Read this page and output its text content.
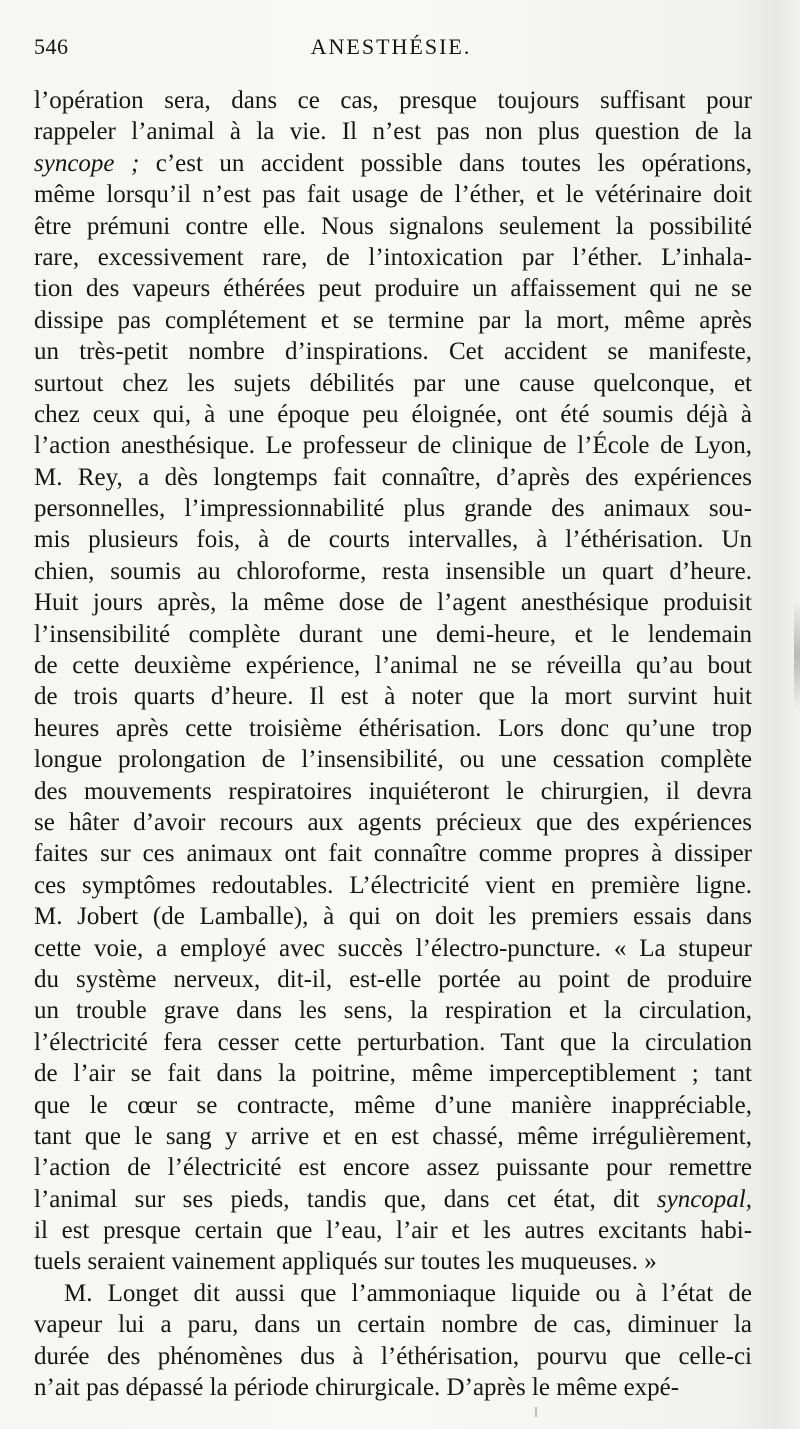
546	ANESTHÉSIE.
l’opération sera, dans ce cas, presque toujours suffisant pour
rappeler l’animal à la vie. Il n’est pas non plus question de la
syncope ; c’est un accident possible dans toutes les opérations,
même lorsqu’il n’est pas fait usage de l’éther, et le vétérinaire doit
être prémuni contre elle. Nous signalons seulement la possibilité
rare, excessivement rare, de l’intoxication par l’éther. L’inhala-
tion des vapeurs éthérées peut produire un affaissement qui ne se
dissipe pas complétement et se termine par la mort, même après
un très-petit nombre d’inspirations. Cet accident se manifeste,
surtout chez les sujets débilités par une cause quelconque, et
chez ceux qui, à une époque peu éloignée, ont été soumis déjà à
l’action anesthésique. Le professeur de clinique de l’École de Lyon,
M. Rey, a dès longtemps fait connaître, d’après des expériences
personnelles, l’impressionnabilité plus grande des animaux sou-
mis plusieurs fois, à de courts intervalles, à l’éthérisation. Un
chien, soumis au chloroforme, resta insensible un quart d’heure.
Huit jours après, la même dose de l’agent anesthésique produisit
l’insensibilité complète durant une demi-heure, et le lendemain
de cette deuxième expérience, l’animal ne se réveilla qu’au bout
de trois quarts d’heure. Il est à noter que la mort survint huit
heures après cette troisième éthérisation. Lors donc qu’une trop
longue prolongation de l’insensibilité, ou une cessation complète
des mouvements respiratoires inquiéteront le chirurgien, il devra
se hâter d’avoir recours aux agents précieux que des expériences
faites sur ces animaux ont fait connaître comme propres à dissiper
ces symptômes redoutables. L’électricité vient en première ligne.
M. Jobert (de Lamballe), à qui on doit les premiers essais dans
cette voie, a employé avec succès l’électro-puncture. « La stupeur
du système nerveux, dit-il, est-elle portée au point de produire
un trouble grave dans les sens, la respiration et la circulation,
l’électricité fera cesser cette perturbation. Tant que la circulation
de l’air se fait dans la poitrine, même imperceptiblement ; tant
que le cœur se contracte, même d’une manière inappréciable,
tant que le sang y arrive et en est chassé, même irrégulièrement,
l’action de l’électricité est encore assez puissante pour remettre
l’animal sur ses pieds, tandis que, dans cet état, dit syncopal,
il est presque certain que l’eau, l’air et les autres excitants habi-
tuels seraient vainement appliqués sur toutes les muqueuses. »
M. Longet dit aussi que l’ammoniaque liquide ou à l’état de
vapeur lui a paru, dans un certain nombre de cas, diminuer la
durée des phénomènes dus à l’éthérisation, pourvu que celle-ci
n’ait pas dépassé la période chirurgicale. D’après le même expé-
